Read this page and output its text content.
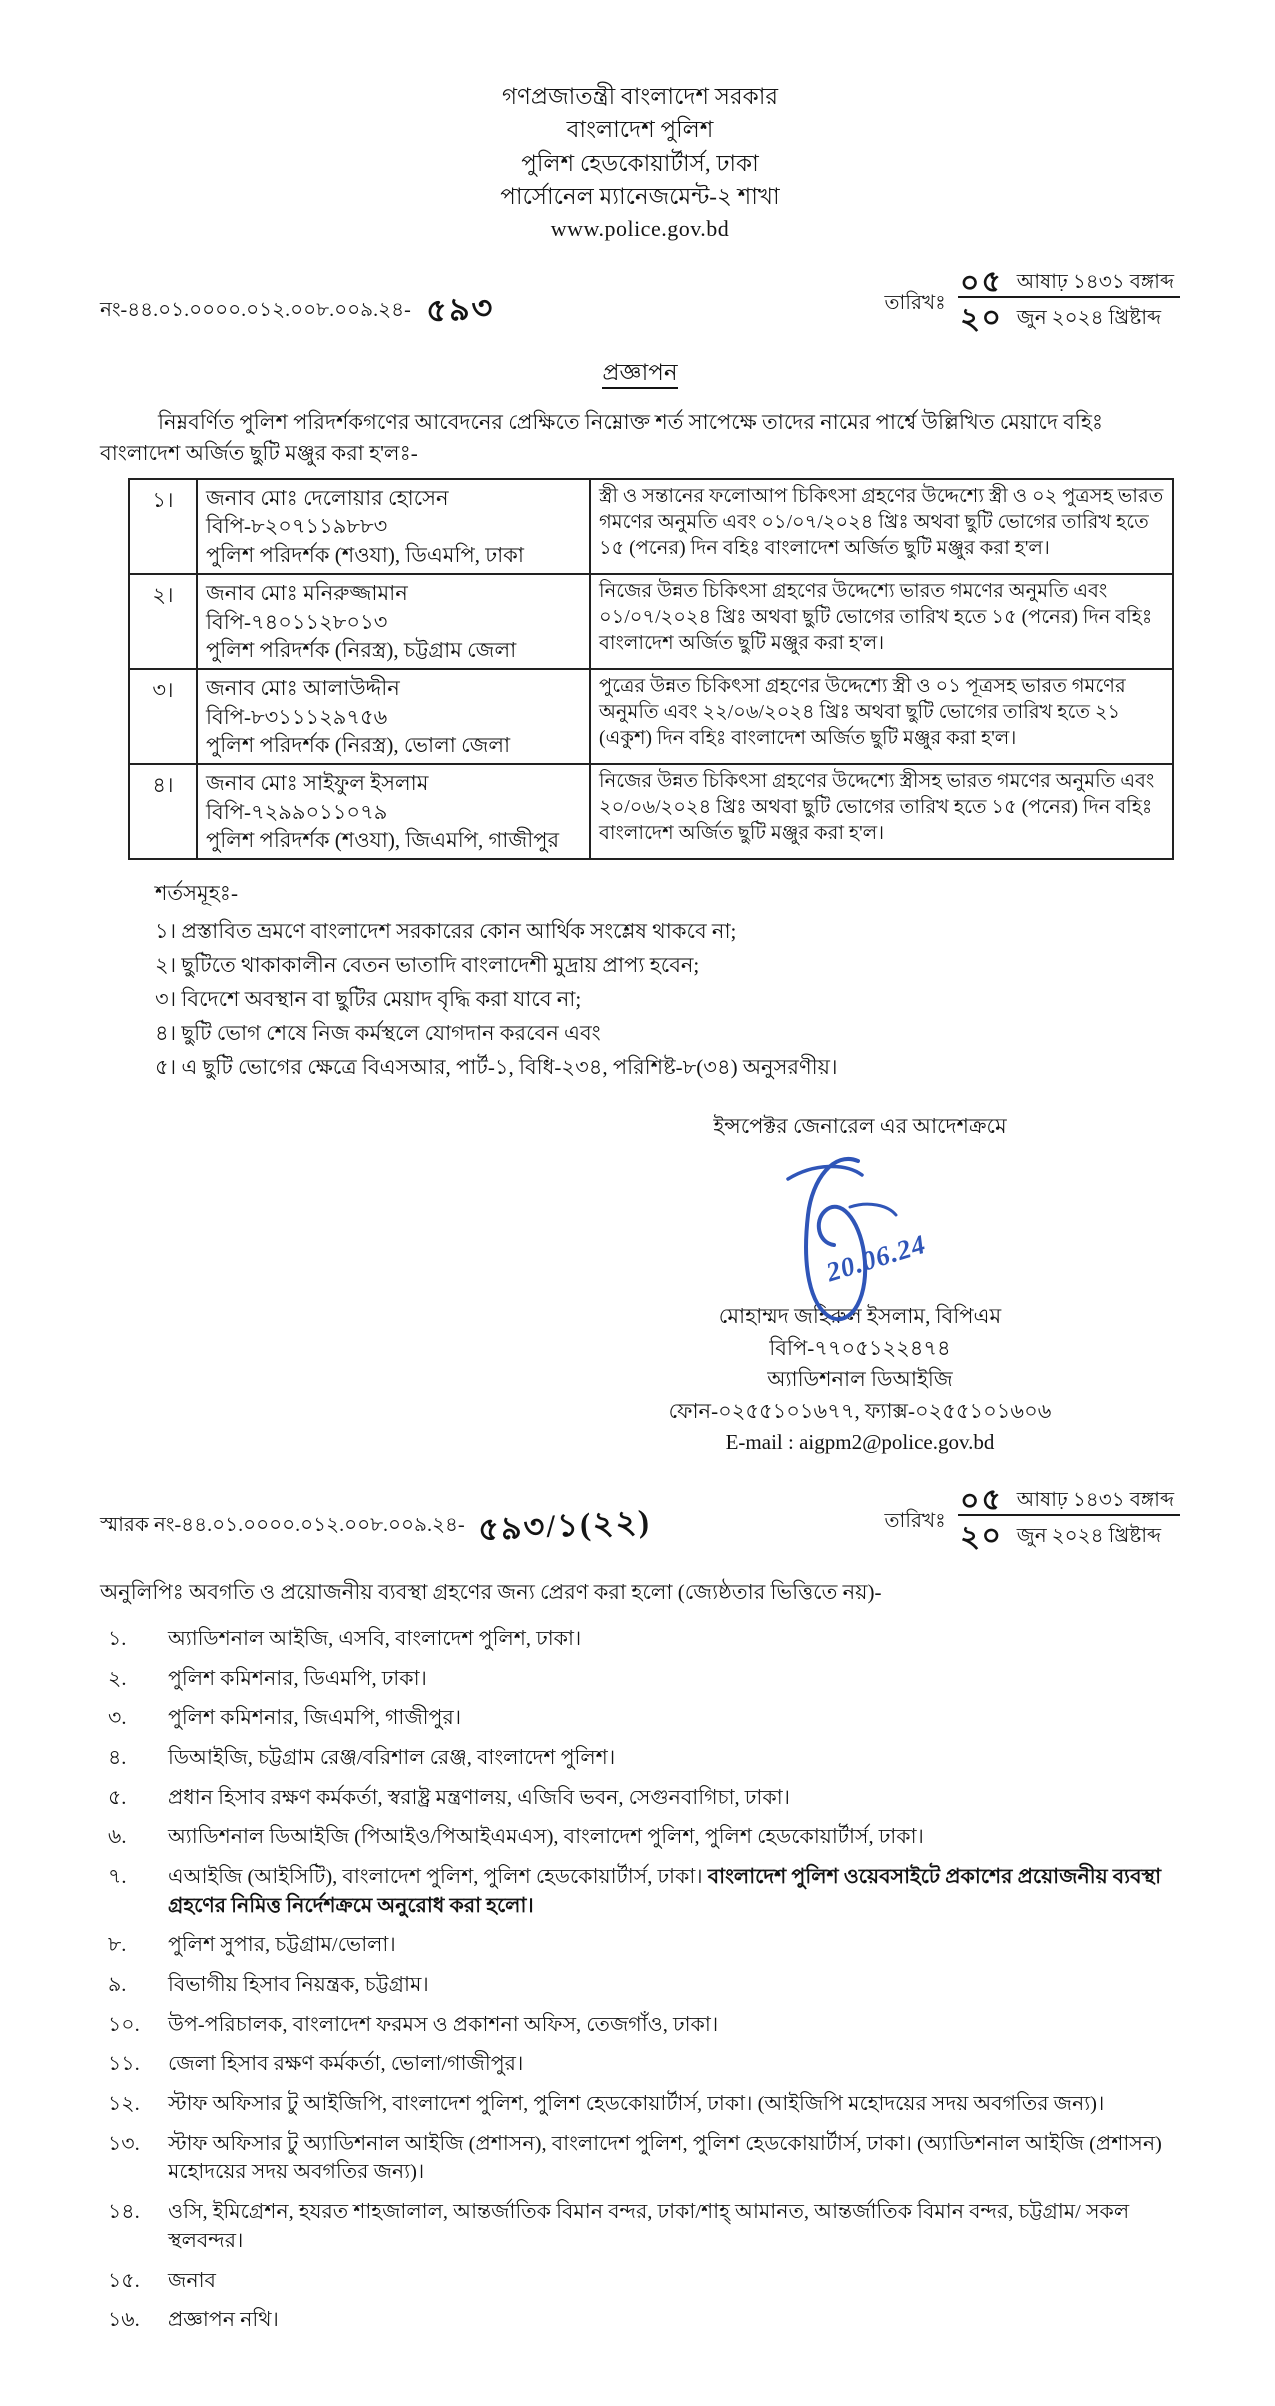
গণপ্রজাতন্ত্রী বাংলাদেশ সরকার
বাংলাদেশ পুলিশ
পুলিশ হেডকোয়ার্টার্স, ঢাকা
পার্সোনেল ম্যানেজমেন্ট-২ শাখা
www.police.gov.bd
নং-৪৪.০১.০০০০.০১২.০০৮.০০৯.২৪- ৫৯৩	তারিখঃ $\frac{\text{০৫ আষাঢ় ১৪৩১ বঙ্গাব্দ}}{\text{২০ জুন ২০২৪ খ্রিষ্টাব্দ}}$
প্রজ্ঞাপন
নিম্নবর্ণিত পুলিশ পরিদর্শকগণের আবেদনের প্রেক্ষিতে নিম্নোক্ত শর্ত সাপেক্ষে তাদের নামের পার্শ্বে উল্লিখিত মেয়াদে বহিঃ বাংলাদেশ অর্জিত ছুটি মঞ্জুর করা হ'লঃ-
১।	জনাব মোঃ দেলোয়ার হোসেন
বিপি-৮২০৭১১৯৮৮৩
পুলিশ পরিদর্শক (শওযা), ডিএমপি, ঢাকা	স্ত্রী ও সন্তানের ফলোআপ চিকিৎসা গ্রহণের উদ্দেশ্যে স্ত্রী ও ০২ পুত্রসহ ভারত গমণের অনুমতি এবং ০১/০৭/২০২৪ খ্রিঃ অথবা ছুটি ভোগের তারিখ হতে ১৫ (পনের) দিন বহিঃ বাংলাদেশ অর্জিত ছুটি মঞ্জুর করা হ'ল।
২।	জনাব মোঃ মনিরুজ্জামান
বিপি-৭৪০১১২৮০১৩
পুলিশ পরিদর্শক (নিরস্ত্র), চট্টগ্রাম জেলা	নিজের উন্নত চিকিৎসা গ্রহণের উদ্দেশ্যে ভারত গমণের অনুমতি এবং ০১/০৭/২০২৪ খ্রিঃ অথবা ছুটি ভোগের তারিখ হতে ১৫ (পনের) দিন বহিঃ বাংলাদেশ অর্জিত ছুটি মঞ্জুর করা হ'ল।
৩।	জনাব মোঃ আলাউদ্দীন
বিপি-৮৩১১১২৯৭৫৬
পুলিশ পরিদর্শক (নিরস্ত্র), ভোলা জেলা	পুত্রের উন্নত চিকিৎসা গ্রহণের উদ্দেশ্যে স্ত্রী ও ০১ পূত্রসহ ভারত গমণের অনুমতি এবং ২২/০৬/২০২৪ খ্রিঃ অথবা ছুটি ভোগের তারিখ হতে ২১ (একুশ) দিন বহিঃ বাংলাদেশ অর্জিত ছুটি মঞ্জুর করা হ'ল।
৪।	জনাব মোঃ সাইফুল ইসলাম
বিপি-৭২৯৯০১১০৭৯
পুলিশ পরিদর্শক (শওযা), জিএমপি, গাজীপুর	নিজের উন্নত চিকিৎসা গ্রহণের উদ্দেশ্যে স্ত্রীসহ ভারত গমণের অনুমতি এবং ২০/০৬/২০২৪ খ্রিঃ অথবা ছুটি ভোগের তারিখ হতে ১৫ (পনের) দিন বহিঃ বাংলাদেশ অর্জিত ছুটি মঞ্জুর করা হ'ল।
শর্তসমূহঃ-
১। প্রস্তাবিত ভ্রমণে বাংলাদেশ সরকারের কোন আর্থিক সংশ্লেষ থাকবে না;
২। ছুটিতে থাকাকালীন বেতন ভাতাদি বাংলাদেশী মুদ্রায় প্রাপ্য হবেন;
৩। বিদেশে অবস্থান বা ছুটির মেয়াদ বৃদ্ধি করা যাবে না;
৪। ছুটি ভোগ শেষে নিজ কর্মস্থলে যোগদান করবেন এবং
৫। এ ছুটি ভোগের ক্ষেত্রে বিএসআর, পার্ট-১, বিধি-২৩৪, পরিশিষ্ট-৮(৩৪) অনুসরণীয়।
ইন্সপেক্টর জেনারেল এর আদেশক্রমে
20.06.24
মোহাম্মদ জহিরুল ইসলাম, বিপিএম
বিপি-৭৭০৫১২২৪৭৪
অ্যাডিশনাল ডিআইজি
ফোন-০২৫৫১০১৬৭৭, ফ্যাক্স-০২৫৫১০১৬০৬
E-mail : aigpm2@police.gov.bd
স্মারক নং-৪৪.০১.০০০০.০১২.০০৮.০০৯.২৪- ৫৯৩/১(২২)	তারিখঃ $\frac{\text{০৫ আষাঢ় ১৪৩১ বঙ্গাব্দ}}{\text{২০ জুন ২০২৪ খ্রিষ্টাব্দ}}$
অনুলিপিঃ অবগতি ও প্রয়োজনীয় ব্যবস্থা গ্রহণের জন্য প্রেরণ করা হলো (জ্যেষ্ঠতার ভিত্তিতে নয়)-
১.	অ্যাডিশনাল আইজি, এসবি, বাংলাদেশ পুলিশ, ঢাকা।
২.	পুলিশ কমিশনার, ডিএমপি, ঢাকা।
৩.	পুলিশ কমিশনার, জিএমপি, গাজীপুর।
৪.	ডিআইজি, চট্টগ্রাম রেঞ্জ/বরিশাল রেঞ্জ, বাংলাদেশ পুলিশ।
৫.	প্রধান হিসাব রক্ষণ কর্মকর্তা, স্বরাষ্ট্র মন্ত্রণালয়, এজিবি ভবন, সেগুনবাগিচা, ঢাকা।
৬.	অ্যাডিশনাল ডিআইজি (পিআইও/পিআইএমএস), বাংলাদেশ পুলিশ, পুলিশ হেডকোয়ার্টার্স, ঢাকা।
৭.	এআইজি (আইসিটি), বাংলাদেশ পুলিশ, পুলিশ হেডকোয়ার্টার্স, ঢাকা। বাংলাদেশ পুলিশ ওয়েবসাইটে প্রকাশের প্রয়োজনীয় ব্যবস্থা গ্রহণের নিমিত্ত নির্দেশক্রমে অনুরোধ করা হলো।
৮.	পুলিশ সুপার, চট্টগ্রাম/ভোলা।
৯.	বিভাগীয় হিসাব নিয়ন্ত্রক, চট্টগ্রাম।
১০.	উপ-পরিচালক, বাংলাদেশ ফরমস ও প্রকাশনা অফিস, তেজগাঁও, ঢাকা।
১১.	জেলা হিসাব রক্ষণ কর্মকর্তা, ভোলা/গাজীপুর।
১২.	স্টাফ অফিসার টু আইজিপি, বাংলাদেশ পুলিশ, পুলিশ হেডকোয়ার্টার্স, ঢাকা। (আইজিপি মহোদয়ের সদয় অবগতির জন্য)।
১৩.	স্টাফ অফিসার টু অ্যাডিশনাল আইজি (প্রশাসন), বাংলাদেশ পুলিশ, পুলিশ হেডকোয়ার্টার্স, ঢাকা। (অ্যাডিশনাল আইজি (প্রশাসন) মহোদয়ের সদয় অবগতির জন্য)।
১৪.	ওসি, ইমিগ্রেশন, হযরত শাহজালাল, আন্তর্জাতিক বিমান বন্দর, ঢাকা/শাহ্ আমানত, আন্তর্জাতিক বিমান বন্দর, চট্টগ্রাম/ সকল স্থলবন্দর।
১৫.	জনাব
১৬.	প্রজ্ঞাপন নথি।
